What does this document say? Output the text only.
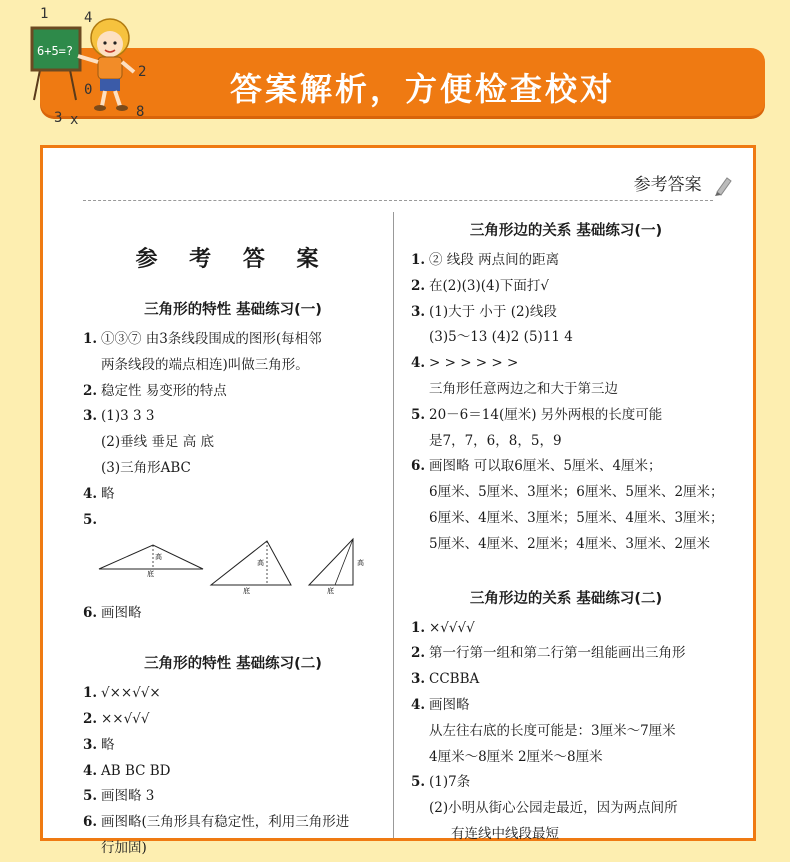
答案解析，方便检查校对
6+5=?
1	4
2
3 x	8
0
参考答案
参 考 答 案
三角形的特性 基础练习(一)
1. ①③⑦ 由3条线段围成的图形(每相邻
两条线段的端点相连)叫做三角形。
2. 稳定性 易变形的特点
3. (1)3 3 3
(2)垂线 垂足 高 底
(3)三角形ABC
4. 略
5.
高
底
高
底
高
底
6. 画图略
三角形的特性 基础练习(二)
1. √××√√×
2. ××√√√
3. 略
4. AB BC BD
5. 画图略 3
6. 画图略(三角形具有稳定性，利用三角形进
行加固)
三角形边的关系 基础练习(一)
1. ② 线段 两点间的距离
2. 在(2)(3)(4)下面打√
3. (1)大于 小于 (2)线段
(3)5～13 (4)2 (5)11 4
4. > > > > > >
三角形任意两边之和大于第三边
5. 20－6＝14(厘米) 另外两根的长度可能
是7，7，6，8，5，9
6. 画图略 可以取6厘米、5厘米、4厘米；
6厘米、5厘米、3厘米；6厘米、5厘米、2厘米；
6厘米、4厘米、3厘米；5厘米、4厘米、3厘米；
5厘米、4厘米、2厘米；4厘米、3厘米、2厘米
三角形边的关系 基础练习(二)
1. ×√√√√
2. 第一行第一组和第二行第一组能画出三角形
3. CCBBA
4. 画图略
从左往右底的长度可能是：3厘米～7厘米
4厘米～8厘米 2厘米～8厘米
5. (1)7条
(2)小明从街心公园走最近，因为两点间所
有连线中线段最短
